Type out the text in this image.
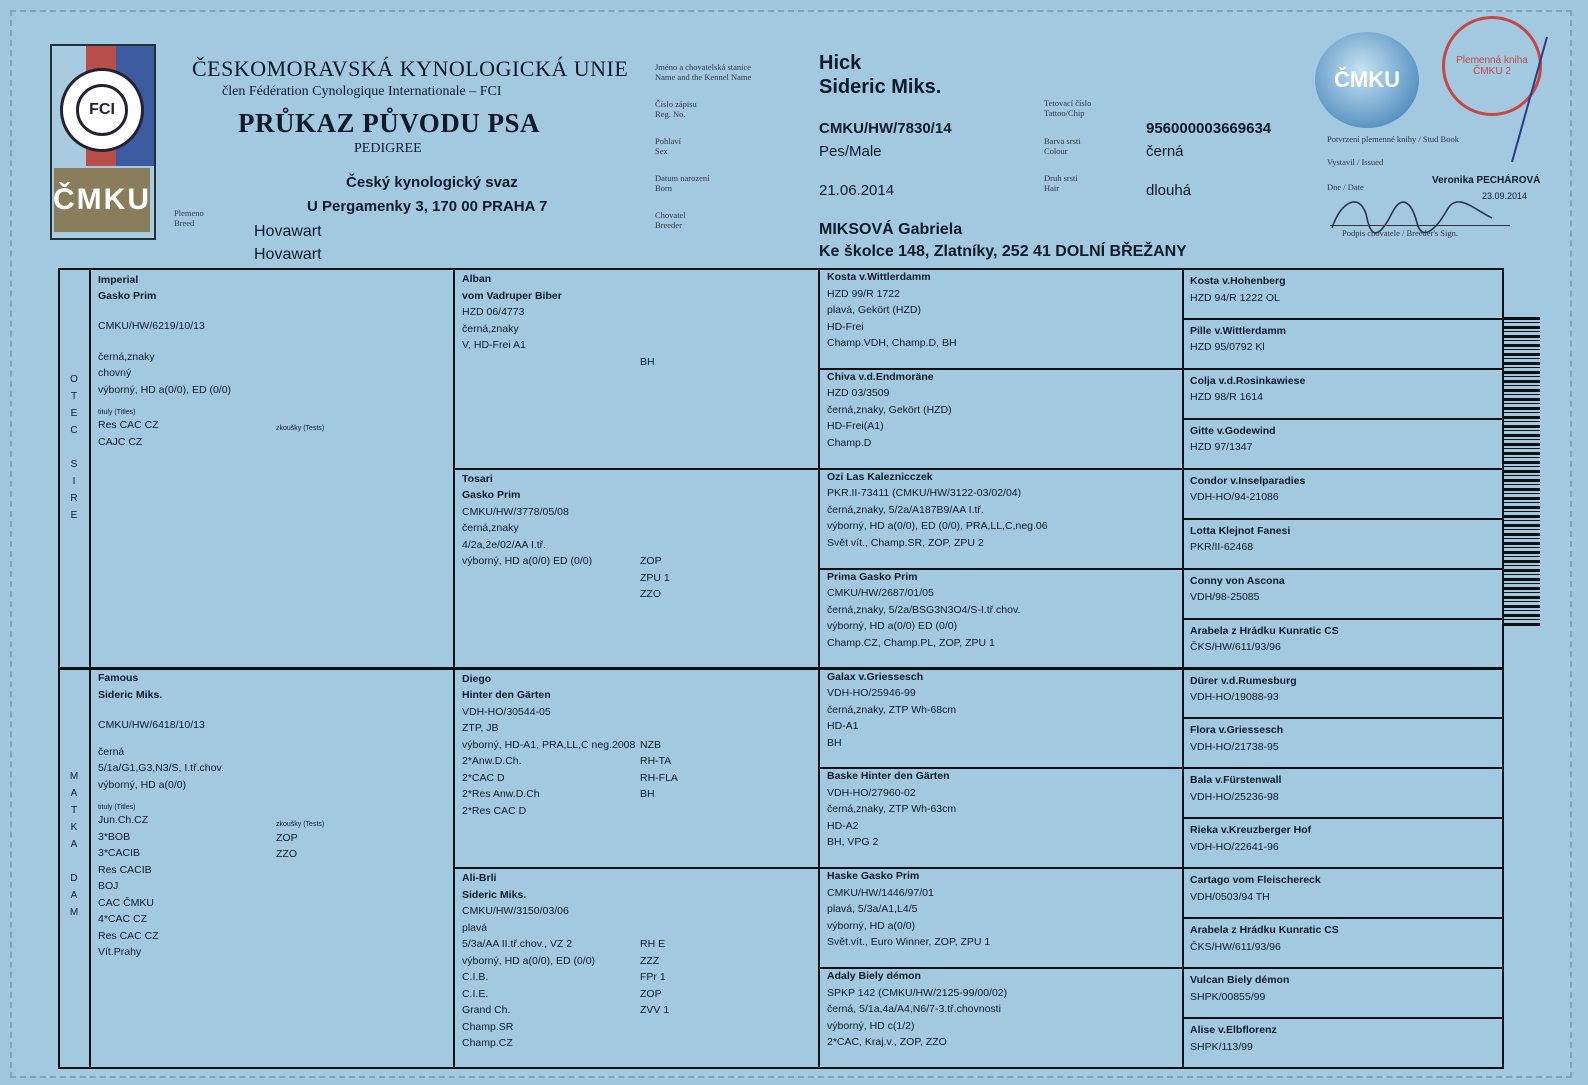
FCI
ČMKU
ČESKOMORAVSKÁ KYNOLOGICKÁ UNIE
člen Fédération Cynologique Internationale – FCI
PRŮKAZ PŮVODU PSA
PEDIGREE
Český kynologický svaz
U Pergamenky 3, 170 00 PRAHA 7
Plemeno
Breed	Hovawart
Hovawart
Jméno a chovatelská stanice
Name and the Kennel Name
Číslo zápisu
Reg. No.
Pohlaví
Sex
Datum narození
Born
Chovatel
Breeder
Tetovací číslo
Tattoo/Chip
Barva srsti
Colour
Druh srsti
Hair
Hick
Sideric Miks.
CMKU/HW/7830/14
Pes/Male
21.06.2014
956000003669634
černá
dlouhá
MIKSOVÁ Gabriela
Ke školce 148, Zlatníky, 252 41 DOLNÍ BŘEŽANY
ČMKU
Plemenná kniha ČMKU 2
Potvrzení plemenné knihy / Stud Book
Vystavil / Issued
Dne / Date
Veronika PECHÁROVÁ
23.09.2014
Podpis chovatele / Breeder's Sign.
O
T
E
C
S
I
R
E
M
A
T
K
A
D
A
M
Imperial
Gasko Prim
CMKU/HW/6219/10/13
černá,znaky
chovný
výborný, HD a(0/0), ED (0/0)
tituly (Titles)
Res CAC CZ
CAJC CZ
zkoušky (Tests)
Famous
Sideric Miks.
CMKU/HW/6418/10/13
černá
5/1a/G1,G3,N3/S, I.tř.chov.
výborný, HD a(0/0)
tituly (Titles)
Jun.Ch.CZ
3*BOB
3*CACIB
Res CACIB
BOJ
CAC ČMKU
4*CAC CZ
Res CAC CZ
Vít.Prahy
zkoušky (Tests)
ZOP
ZZO
Alban
vom Vadruper Biber
HZD 06/4773
černá,znaky
V, HD-Frei A1
BH
Tosari
Gasko Prim
CMKU/HW/3778/05/08
černá,znaky
4/2a,2e/02/AA I.tř.
výborný, HD a(0/0) ED (0/0)	ZOP
ZPU 1
ZZO
Diego
Hinter den Gärten
VDH-HO/30544-05
ZTP, JB
výborný, HD-A1, PRA,LL,C neg.2008
2*Anw.D.Ch.
2*CAC D
2*Res Anw.D.Ch
2*Res CAC D
NZB
RH-TA
RH-FLA
BH
Ali-Brli
Sideric Miks.
CMKU/HW/3150/03/06
plavá
5/3a/AA II.tř.chov., VZ 2
výborný, HD a(0/0), ED (0/0)
C.I.B.
C.I.E.
Grand Ch.
Champ.SR
Champ.CZ
RH E
ZZZ
FPr 1
ZOP
ZVV 1
Kosta v.Wittlerdamm
HZD 99/R 1722
plavá, Gekört (HZD)
HD-Frei
Champ.VDH, Champ.D, BH
Chiva v.d.Endmoräne
HZD 03/3509
černá,znaky, Gekört (HZD)
HD-Frei(A1)
Champ.D
Ozi Las Kaleznicczek
PKR.II-73411 (CMKU/HW/3122-03/02/04)
černá,znaky, 5/2a/A187B9/AA I.tř.
výborný, HD a(0/0), ED (0/0), PRA,LL,C,neg.06
Svět.vít., Champ.SR, ZOP, ZPU 2
Prima Gasko Prim
CMKU/HW/2687/01/05
černá,znaky, 5/2a/BSG3N3O4/S-I.tř.chov.
výborný, HD a(0/0) ED (0/0)
Champ.CZ, Champ.PL, ZOP, ZPU 1
Galax v.Griessesch
VDH-HO/25946-99
černá,znaky, ZTP Wh-68cm
HD-A1
BH
Baske Hinter den Gärten
VDH-HO/27960-02
černá,znaky, ZTP Wh-63cm
HD-A2
BH, VPG 2
Haske Gasko Prim
CMKU/HW/1446/97/01
plavá, 5/3a/A1,L4/5
výborný, HD a(0/0)
Svět.vít., Euro Winner, ZOP, ZPU 1
Adaly Biely démon
SPKP 142 (CMKU/HW/2125-99/00/02)
černá, 5/1a,4a/A4,N6/7-3.tř.chovnosti
výborný, HD c(1/2)
2*CAC, Kraj.v., ZOP, ZZO
Kosta v.Hohenberg
HZD 94/R 1222 OL
Pille v.Wittlerdamm
HZD 95/0792 Kl
Colja v.d.Rosinkawiese
HZD 98/R 1614
Gitte v.Godewind
HZD 97/1347
Condor v.Inselparadies
VDH-HO/94-21086
Lotta Klejnot Fanesi
PKR/II-62468
Conny von Ascona
VDH/98-25085
Arabela z Hrádku Kunratic CS
ČKS/HW/611/93/96
Dürer v.d.Rumesburg
VDH-HO/19088-93
Flora v.Griessesch
VDH-HO/21738-95
Bala v.Fürstenwall
VDH-HO/25236-98
Rieka v.Kreuzberger Hof
VDH-HO/22641-96
Cartago vom Fleischereck
VDH/0503/94 TH
Arabela z Hrádku Kunratic CS
ČKS/HW/611/93/96
Vulcan Biely démon
SHPK/00855/99
Alise v.Elbflorenz
SHPK/113/99
